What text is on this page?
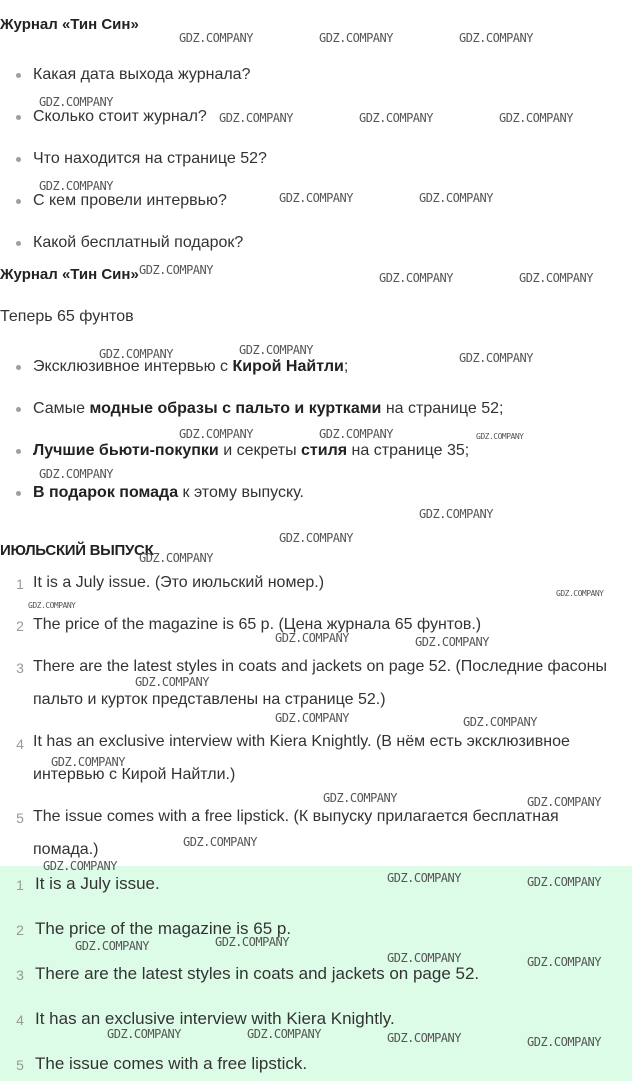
Журнал «Тин Син»
Какая дата выхода журнала?
Сколько стоит журнал?
Что находится на странице 52?
С кем провели интервью?
Какой бесплатный подарок?
Журнал «Тин Син»
Теперь 65 фунтов
Эксклюзивное интервью с Кирой Найтли;
Самые модные образы с пальто и куртками на странице 52;
Лучшие бьюти-покупки и секреты стиля на странице 35;
В подарок помада к этому выпуску.
ИЮЛЬСКИЙ ВЫПУСК
1 It is a July issue. (Это июльский номер.)
2 The price of the magazine is 65 p. (Цена журнала 65 фунтов.)
3 There are the latest styles in coats and jackets on page 52. (Последние фасоны пальто и курток представлены на странице 52.)
4 It has an exclusive interview with Kiera Knightly. (В нём есть эксклюзивное интервью с Кирой Найтли.)
5 The issue comes with a free lipstick. (К выпуску прилагается бесплатная помада.)
1 It is a July issue.
2 The price of the magazine is 65 p.
3 There are the latest styles in coats and jackets on page 52.
4 It has an exclusive interview with Kiera Knightly.
5 The issue comes with a free lipstick.
GDZ.COMPANY	GDZ.COMPANY	GDZ.COMPANY
GDZ.COMPANY
GDZ.COMPANY	GDZ.COMPANY	GDZ.COMPANY
GDZ.COMPANY
GDZ.COMPANY	GDZ.COMPANY
GDZ.COMPANY
GDZ.COMPANY	GDZ.COMPANY
GDZ.COMPANY	GDZ.COMPANY
GDZ.COMPANY
GDZ.COMPANY	GDZ.COMPANY	GDZ.COMPANY
GDZ.COMPANY
GDZ.COMPANY
GDZ.COMPANY
GDZ.COMPANY
GDZ.COMPANY
GDZ.COMPANY
GDZ.COMPANY	GDZ.COMPANY
GDZ.COMPANY
GDZ.COMPANY	GDZ.COMPANY
GDZ.COMPANY
GDZ.COMPANY	GDZ.COMPANY
GDZ.COMPANY
GDZ.COMPANY
GDZ.COMPANY	GDZ.COMPANY
GDZ.COMPANY	GDZ.COMPANY
GDZ.COMPANY	GDZ.COMPANY
GDZ.COMPANY	GDZ.COMPANY	GDZ.COMPANY	GDZ.COMPANY
